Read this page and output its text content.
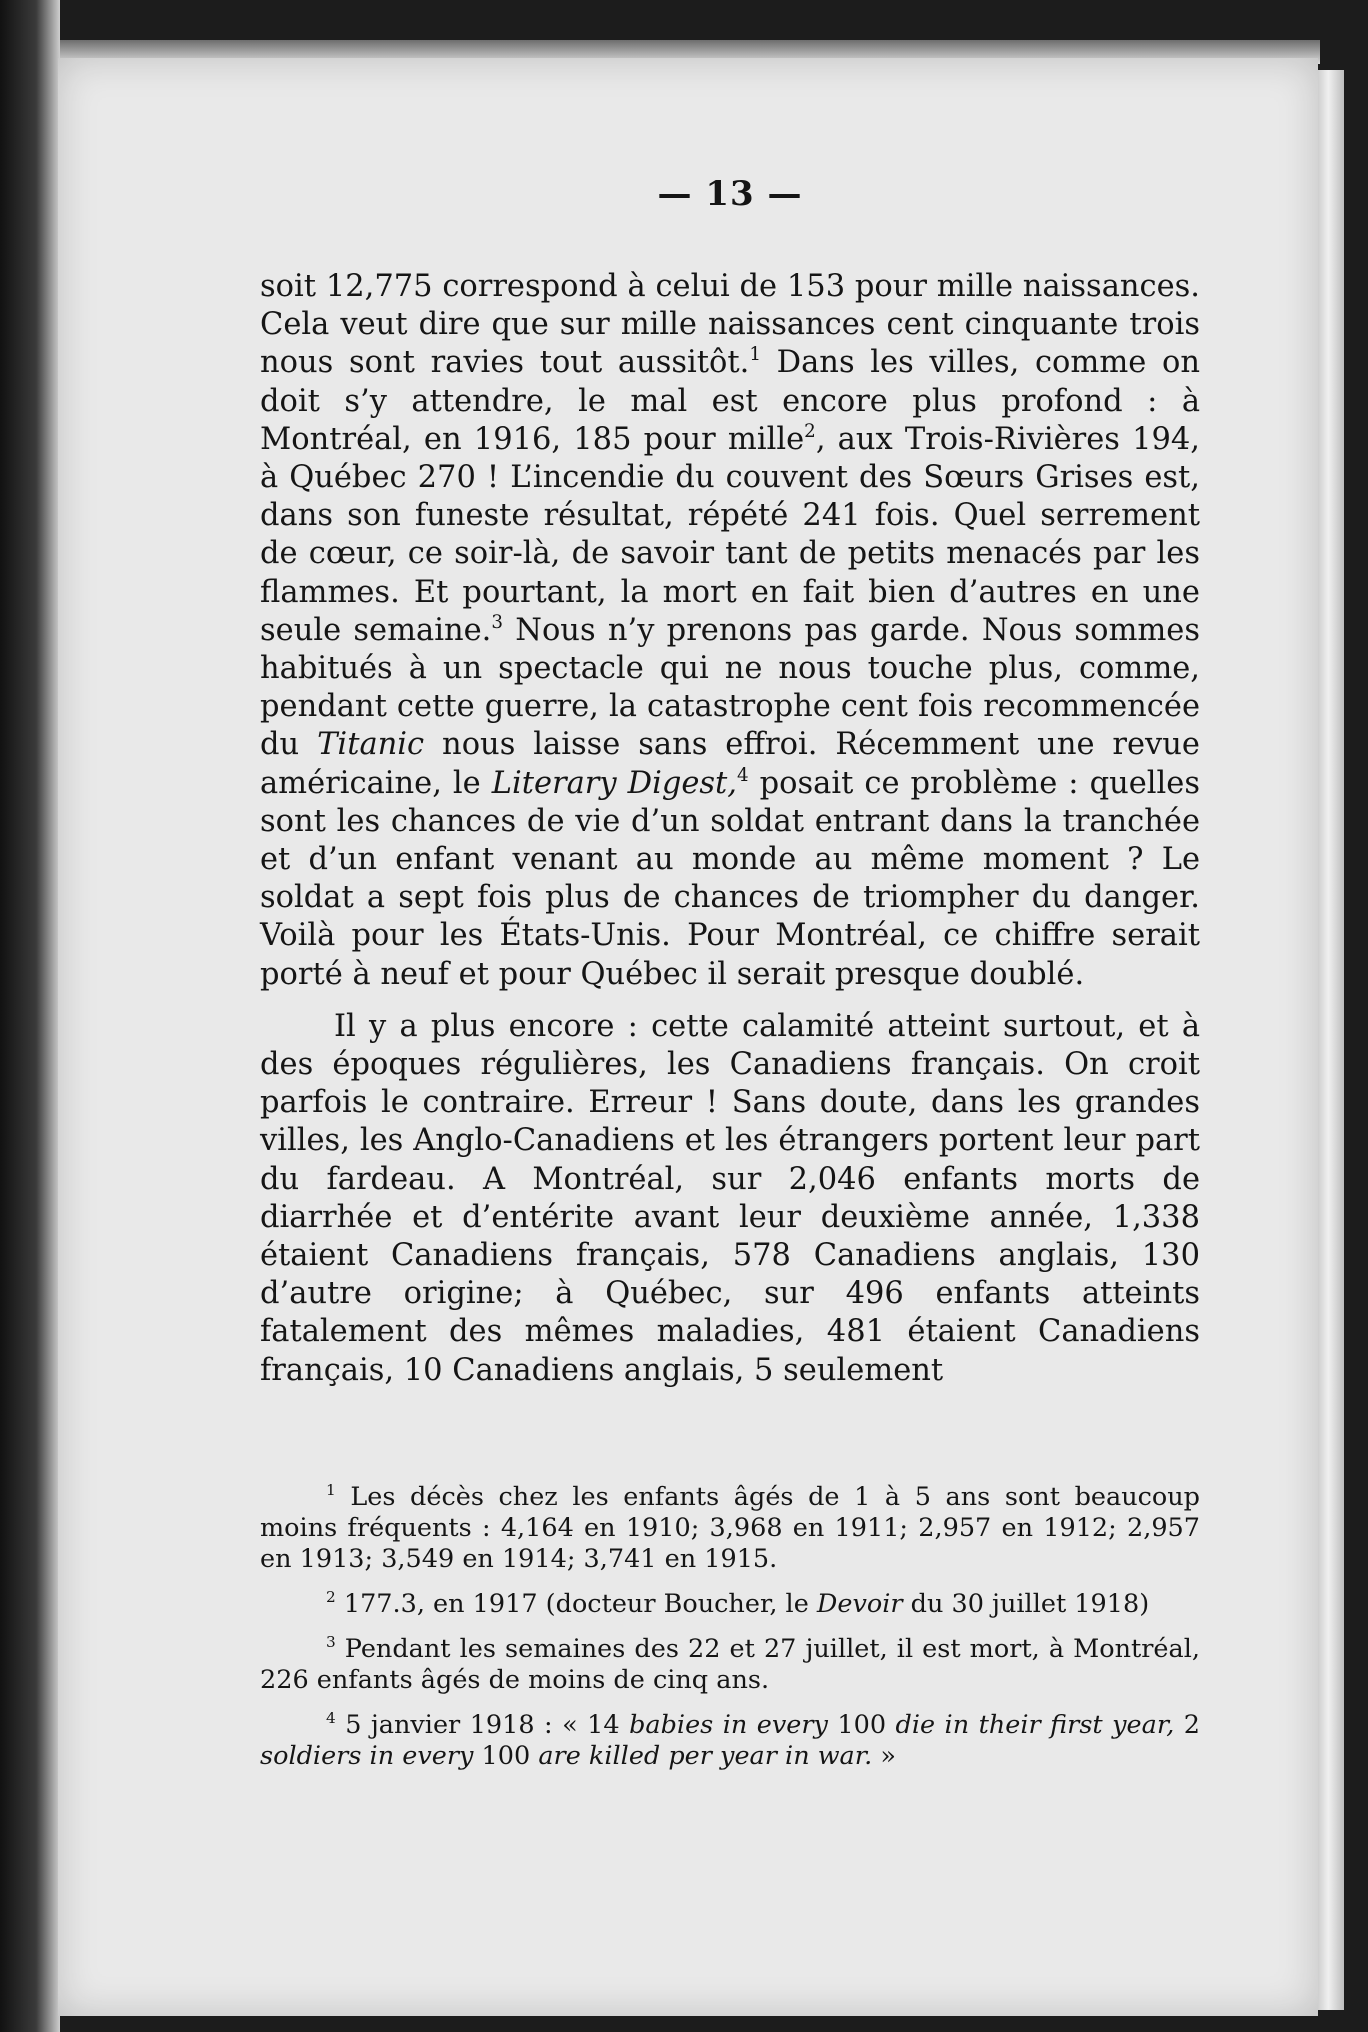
— 13 —

soit 12,775 correspond à celui de 153 pour mille naissances. Cela veut dire que sur mille naissances cent cinquante trois nous sont ravies tout aussitôt.$^1$ Dans les villes, comme on doit s’y attendre, le mal est encore plus profond : à Montréal, en 1916, 185 pour mille$^2$, aux Trois-Rivières 194, à Québec 270 ! L’incendie du couvent des Sœurs Grises est, dans son funeste résultat, répété 241 fois. Quel serrement de cœur, ce soir-là, de savoir tant de petits menacés par les flammes. Et pourtant, la mort en fait bien d’autres en une seule semaine.$^3$ Nous n’y prenons pas garde. Nous sommes habitués à un spectacle qui ne nous touche plus, comme, pendant cette guerre, la catastrophe cent fois recommencée du Titanic nous laisse sans effroi. Récemment une revue américaine, le Literary Digest,$^4$ posait ce problème : quelles sont les chances de vie d’un soldat entrant dans la tranchée et d’un enfant venant au monde au même moment ? Le soldat a sept fois plus de chances de triompher du danger. Voilà pour les États-Unis. Pour Montréal, ce chiffre serait porté à neuf et pour Québec il serait presque doublé.

Il y a plus encore : cette calamité atteint surtout, et à des époques régulières, les Canadiens français. On croit parfois le contraire. Erreur ! Sans doute, dans les grandes villes, les Anglo-Canadiens et les étrangers portent leur part du fardeau. A Montréal, sur 2,046 enfants morts de diarrhée et d’entérite avant leur deuxième année, 1,338 étaient Canadiens français, 578 Canadiens anglais, 130 d’autre origine; à Québec, sur 496 enfants atteints fatalement des mêmes maladies, 481 étaient Canadiens français, 10 Canadiens anglais, 5 seulement

$^1$ Les décès chez les enfants âgés de 1 à 5 ans sont beaucoup moins fréquents : 4,164 en 1910; 3,968 en 1911; 2,957 en 1912; 2,957 en 1913; 3,549 en 1914; 3,741 en 1915.

$^2$ 177.3, en 1917 (docteur Boucher, le Devoir du 30 juillet 1918)

$^3$ Pendant les semaines des 22 et 27 juillet, il est mort, à Montréal, 226 enfants âgés de moins de cinq ans.

$^4$ 5 janvier 1918 : « 14 babies in every 100 die in their first year, 2 soldiers in every 100 are killed per year in war. »
